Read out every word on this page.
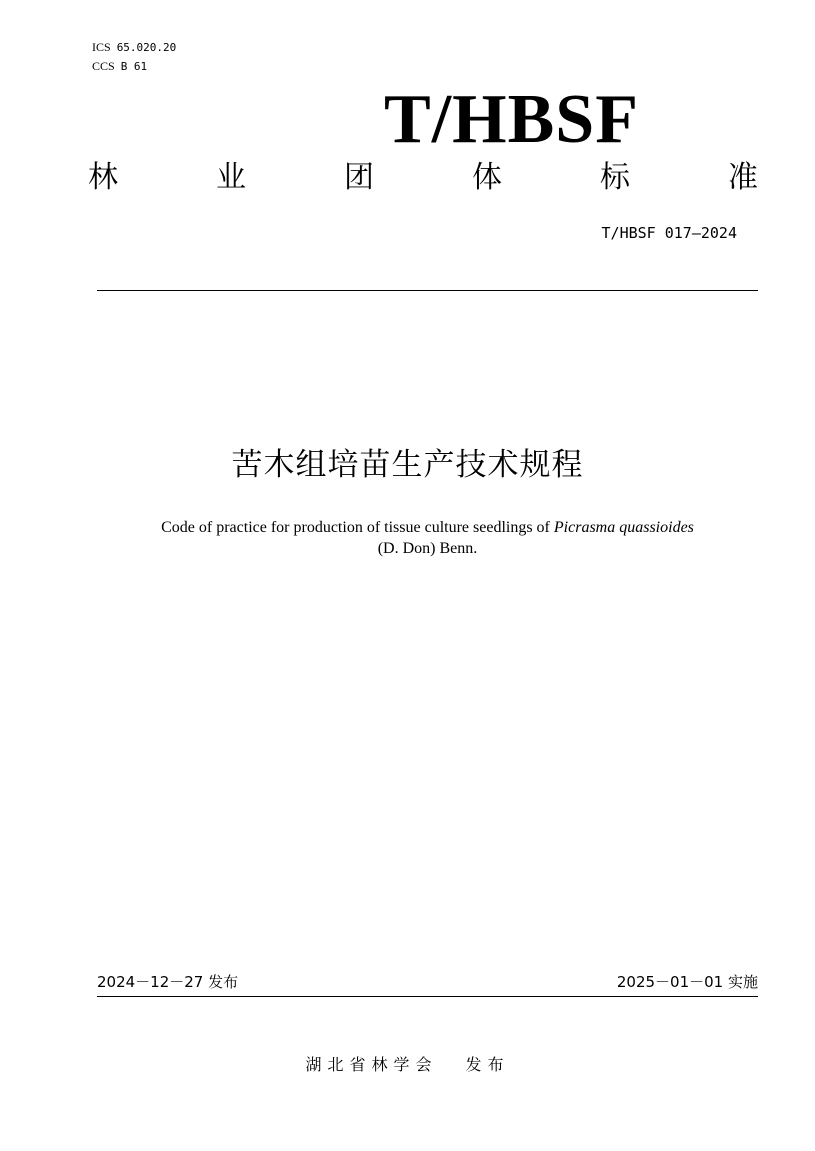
ICS 65.020.20
CCS B 61
T/HBSF
林	业	团	体	标	准
T/HBSF 017—2024
苦木组培苗生产技术规程
Code of practice for production of tissue culture seedlings of Picrasma quassioides
(D. Don) Benn.
2024－12－27 发布	2025－01－01 实施
湖北省林学会 发布
